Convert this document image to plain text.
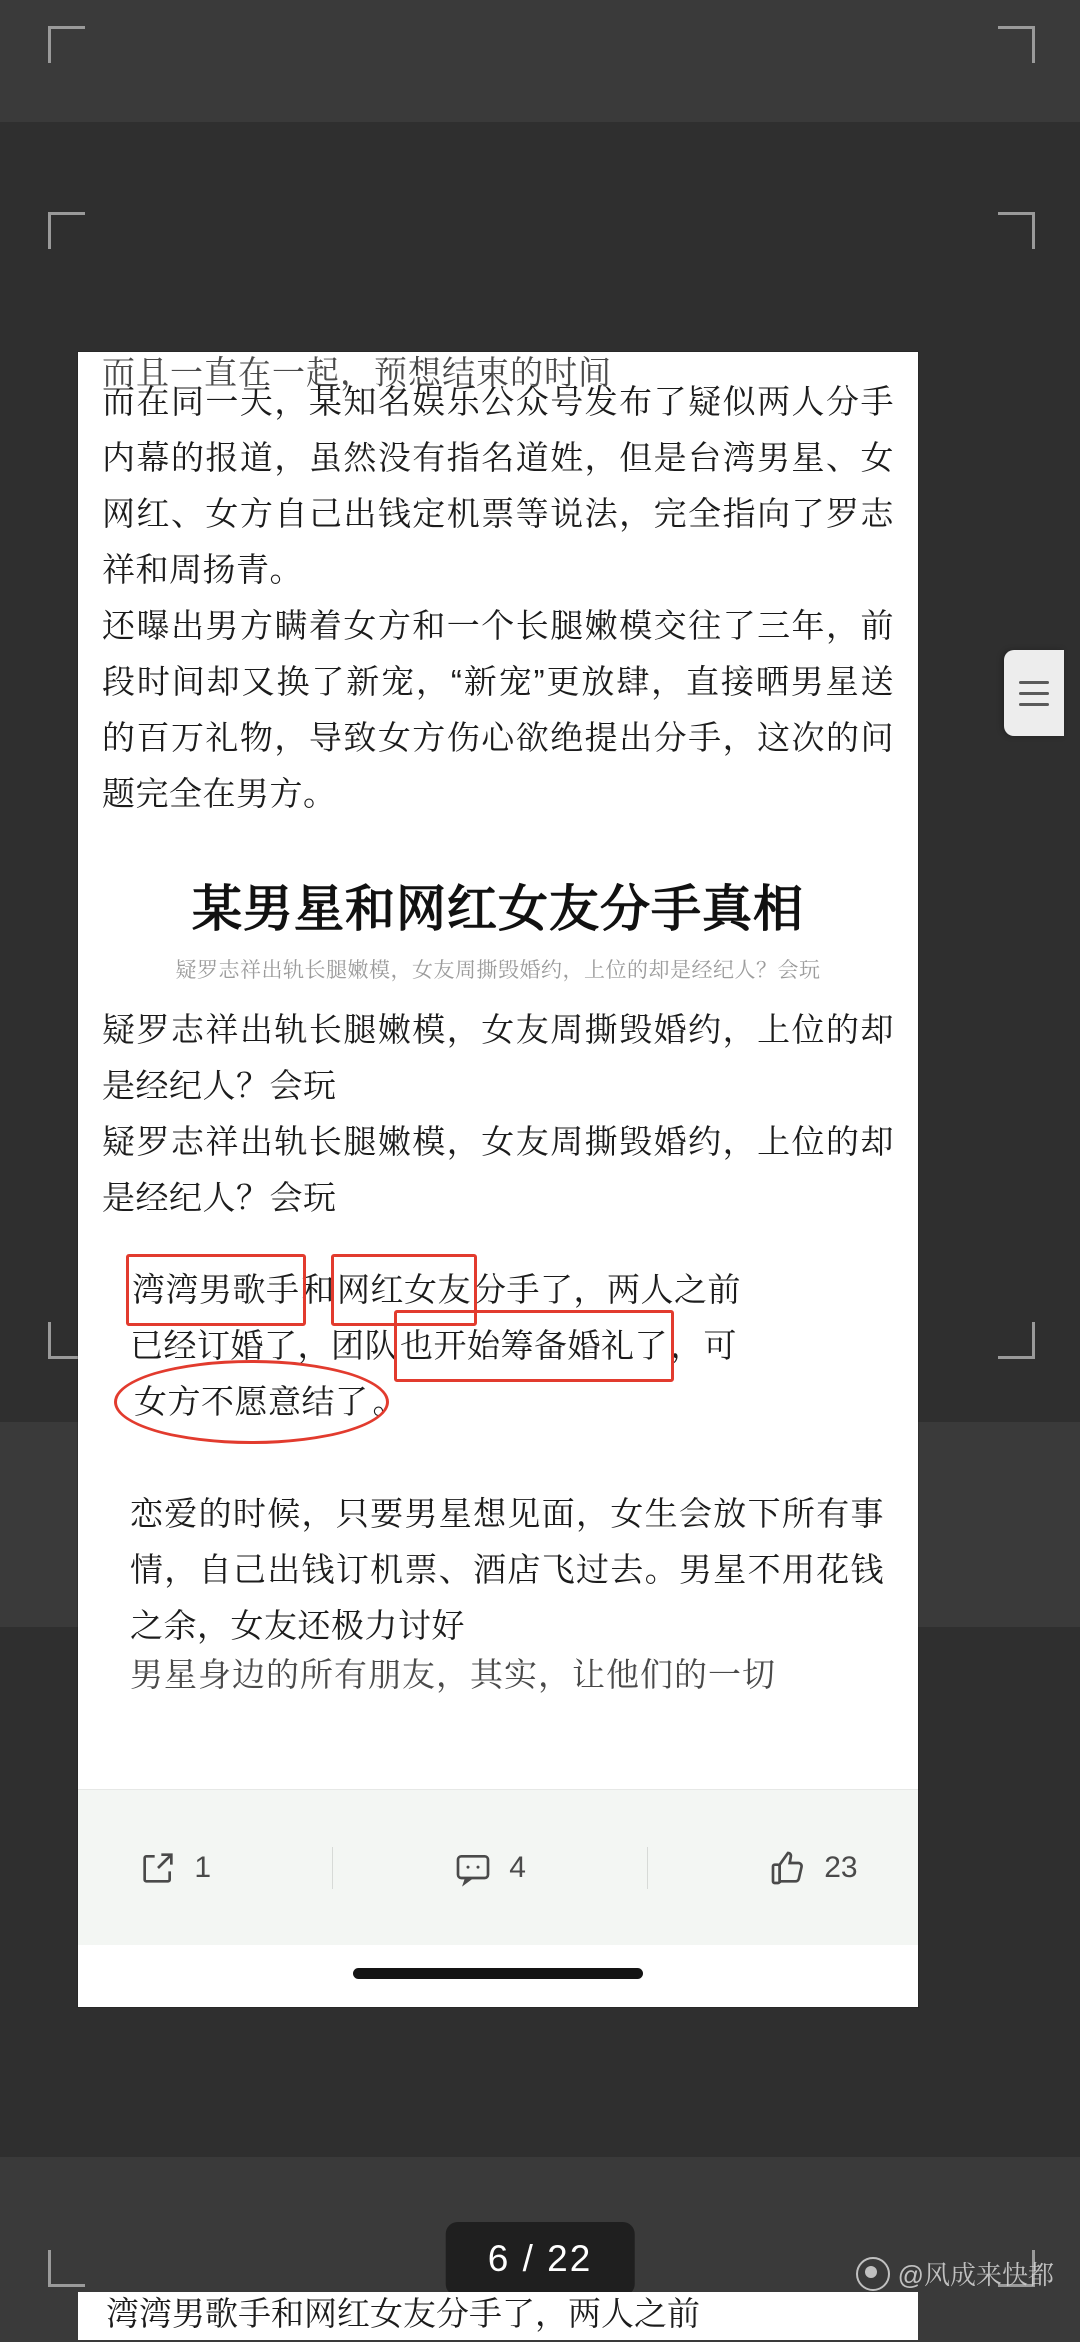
而且一直在一起，预想结束的时间

而在同一天，某知名娱乐公众号发布了疑似两人分手内幕的报道，虽然没有指名道姓，但是台湾男星、女网红、女方自己出钱定机票等说法，完全指向了罗志祥和周扬青。

还曝出男方瞒着女方和一个长腿嫩模交往了三年，前段时间却又换了新宠，“新宠”更放肆，直接晒男星送的百万礼物，导致女方伤心欲绝提出分手，这次的问题完全在男方。

某男星和网红女友分手真相

疑罗志祥出轨长腿嫩模，女友周撕毁婚约，上位的却是经纪人？会玩

疑罗志祥出轨长腿嫩模，女友周撕毁婚约，上位的却是经纪人？会玩

疑罗志祥出轨长腿嫩模，女友周撕毁婚约，上位的却是经纪人？会玩

湾湾男歌手和网红女友分手了，两人之前

已经订婚了，团队也开始筹备婚礼了，可

女方不愿意结了 。

恋爱的时候，只要男星想见面，女生会放下所有事情，自己出钱订机票、酒店飞过去。男星不用花钱之余，女友还极力讨好

男星身边的所有朋友，其实，让他们的一切
1	4	23
6 / 22
湾湾男歌手和网红女友分手了，两人之前
@风成来快都
